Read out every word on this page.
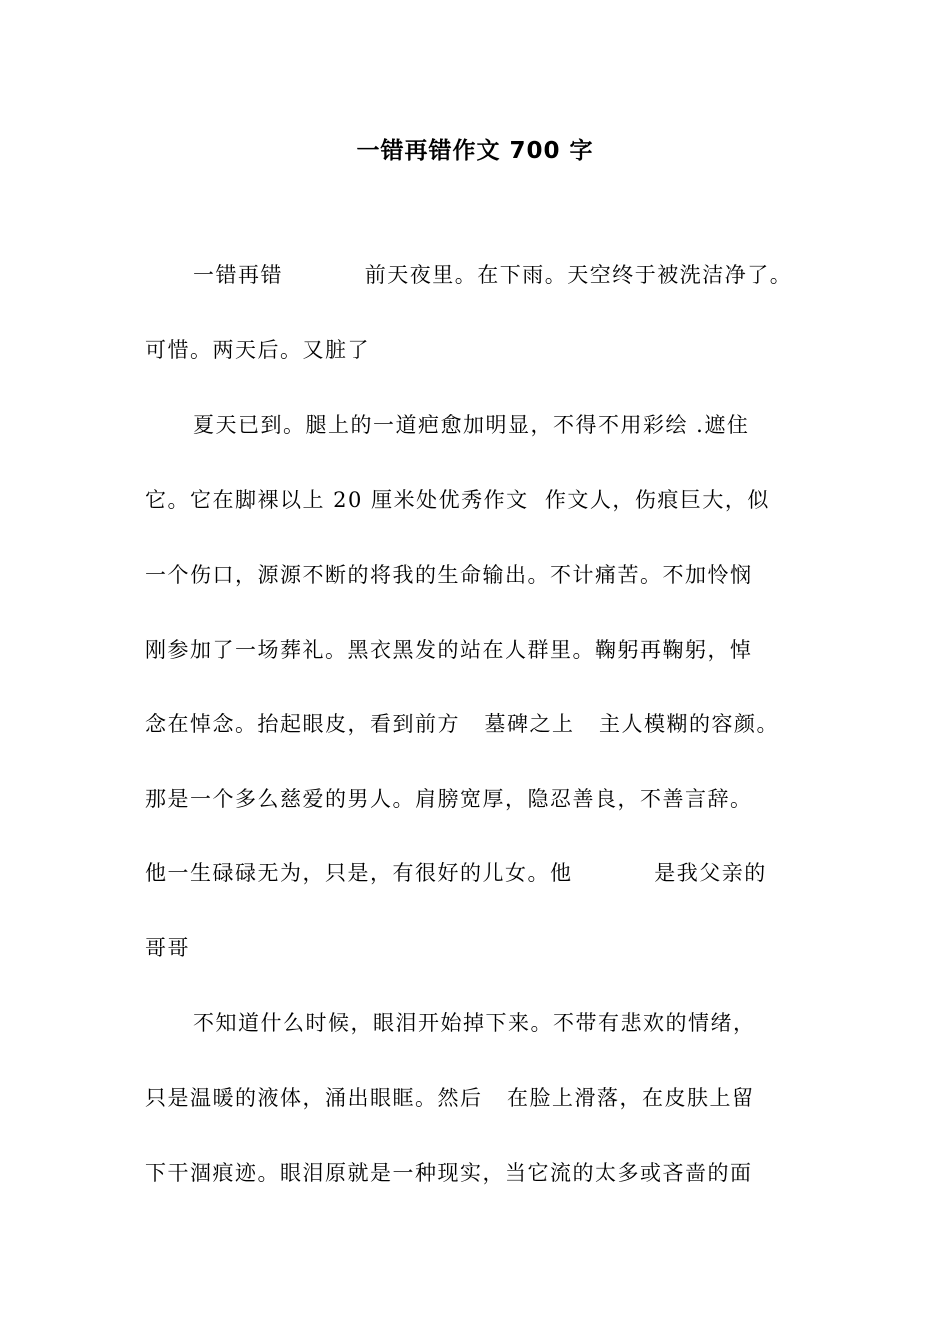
一错再错作文 700 字
一错再错          前天夜里。在下雨。天空终于被洗洁净了。
可惜。两天后。又脏了
夏天已到。腿上的一道疤愈加明显，不得不用彩绘 .遮住
它。它在脚裸以上 20 厘米处优秀作文  作文人，伤痕巨大，似
一个伤口，源源不断的将我的生命输出。不计痛苦。不加怜悯
刚参加了一场葬礼。黑衣黑发的站在人群里。鞠躬再鞠躬，悼
念在悼念。抬起眼皮，看到前方   墓碑之上   主人模糊的容颜。
那是一个多么慈爱的男人。肩膀宽厚，隐忍善良，不善言辞。
他一生碌碌无为，只是，有很好的儿女。他          是我父亲的
哥哥
不知道什么时候，眼泪开始掉下来。不带有悲欢的情绪，
只是温暖的液体，涌出眼眶。然后   在脸上滑落，在皮肤上留
下干涸痕迹。眼泪原就是一种现实，当它流的太多或吝啬的面
